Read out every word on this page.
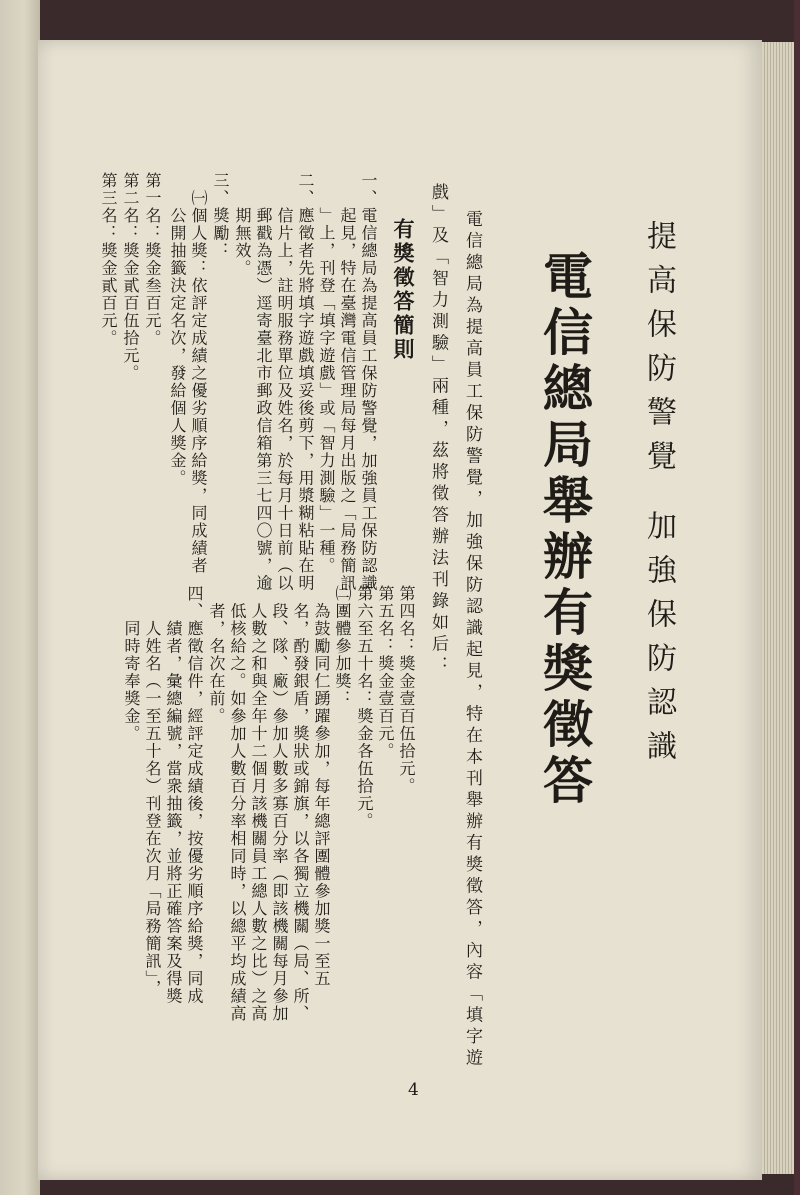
提高保防警覺
加強保防認識
電信總局舉辦有獎徵答
電信總局為提高員工保防警覺，加強保防認識起見，特在本刊舉辦有獎徵答，內容「填字遊
戲」及「智力測驗」兩種，茲將徵答辦法刊錄如后：
有獎徵答簡則
一、電信總局為提高員工保防警覺，加強員工保防認識
　　起見，特在臺灣電信管理局每月出版之「局務簡訊
　　」上，刊登「填字遊戲」或「智力測驗」一種。
二、應徵者先將填字遊戲填妥後剪下，用漿糊粘貼在明
　　信片上，註明服務單位及姓名，於每月十日前（以
　　郵戳為憑）逕寄臺北市郵政信箱第三七四〇號，逾
　　期無效。
三、獎勵：
　㈠個人獎：依評定成績之優劣順序給獎，同成績者
　　公開抽籤決定名次，發給個人獎金。
第一名：獎金叁百元。
第二名：獎金貳百伍拾元。
第三名：獎金貳百元。
第四名：獎金壹百伍拾元。
第五名：獎金壹百元。
第六至五十名：獎金各伍拾元。
㈡團體參加獎：
　為鼓勵同仁踴躍參加，每年總評團體參加獎一至五
　名，酌發銀盾，獎狀或錦旗，以各獨立機關（局、所、
　段、隊、廠）參加人數多寡百分率（即該機關每月參加
　人數之和與全年十二個月該機關員工總人數之比）之高
　低核給之。如參加人數百分率相同時，以總平均成績高
　者，名次在前。
四、應徵信件，經評定成績後，按優劣順序給獎，同成
　　績者，彙總編號，當衆抽籤，並將正確答案及得獎
　　人姓名（一至五十名）刊登在次月「局務簡訊」，
　　同時寄奉獎金。
4
